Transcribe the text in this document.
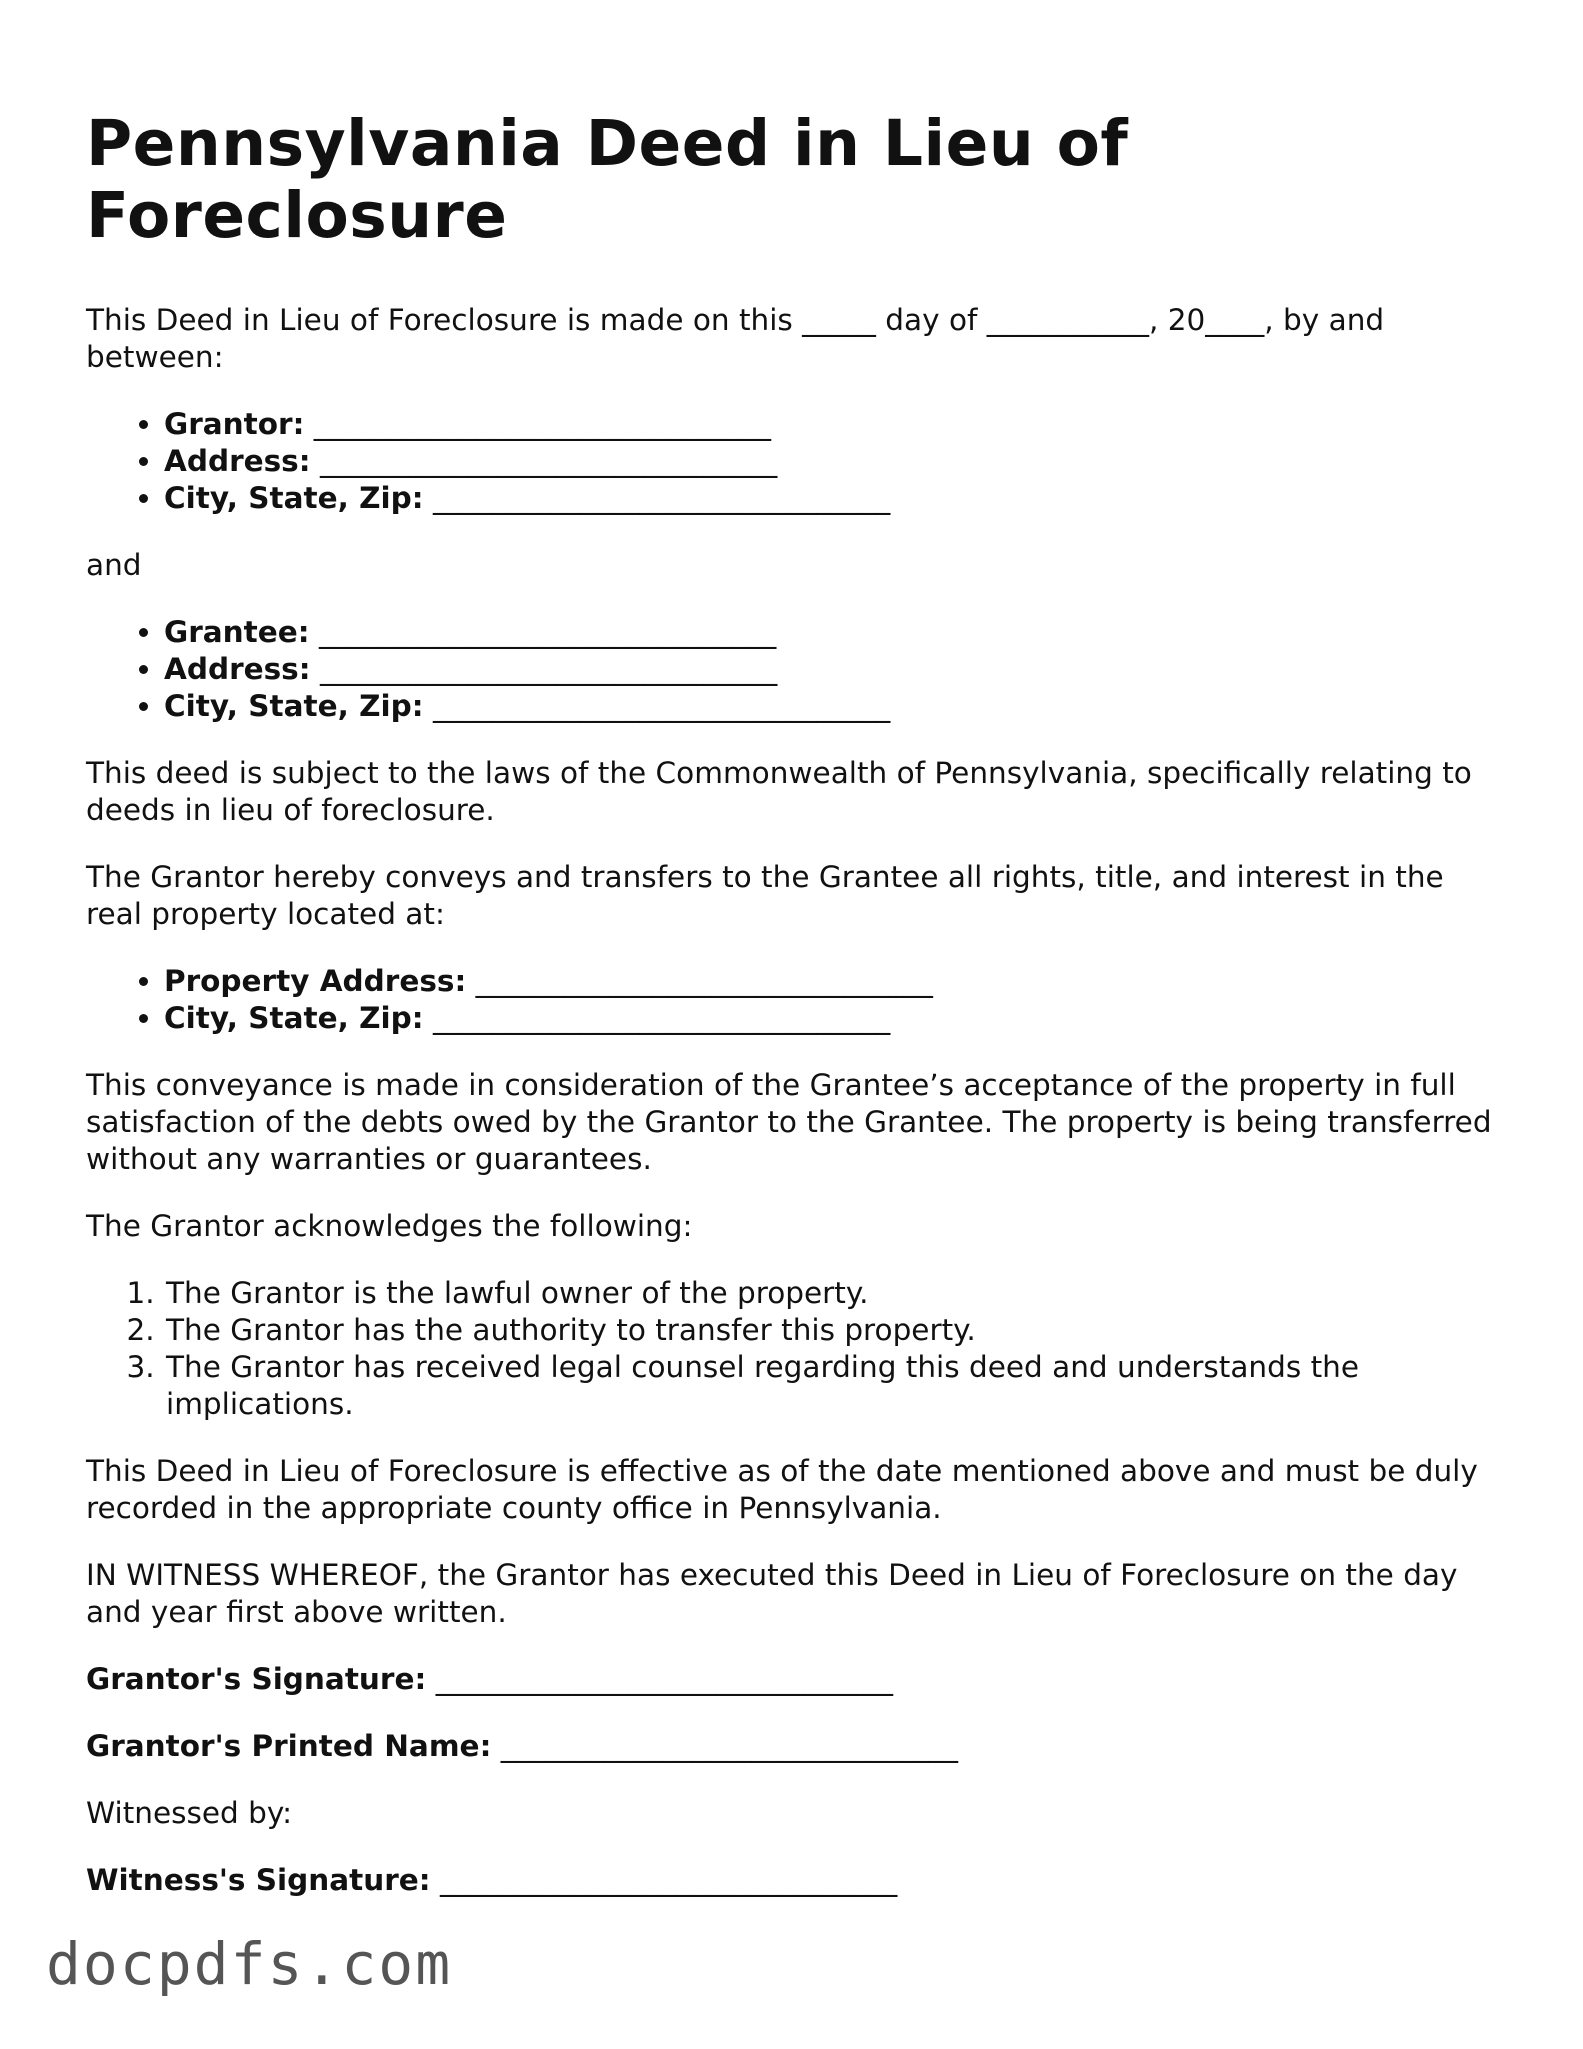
Pennsylvania Deed in Lieu of Foreclosure

This Deed in Lieu of Foreclosure is made on this _____ day of ___________, 20____, by and between:

• Grantor: _______________________________
• Address: _______________________________
• City, State, Zip: _______________________________

and

• Grantee: _______________________________
• Address: _______________________________
• City, State, Zip: _______________________________

This deed is subject to the laws of the Commonwealth of Pennsylvania, specifically relating to deeds in lieu of foreclosure.

The Grantor hereby conveys and transfers to the Grantee all rights, title, and interest in the real property located at:

• Property Address: _______________________________
• City, State, Zip: _______________________________

This conveyance is made in consideration of the Grantee’s acceptance of the property in full satisfaction of the debts owed by the Grantor to the Grantee. The property is being transferred without any warranties or guarantees.

The Grantor acknowledges the following:

1. The Grantor is the lawful owner of the property.
2. The Grantor has the authority to transfer this property.
3. The Grantor has received legal counsel regarding this deed and understands the implications.

This Deed in Lieu of Foreclosure is effective as of the date mentioned above and must be duly recorded in the appropriate county office in Pennsylvania.

IN WITNESS WHEREOF, the Grantor has executed this Deed in Lieu of Foreclosure on the day and year first above written.

Grantor's Signature: _______________________________

Grantor's Printed Name: _______________________________

Witnessed by:

Witness's Signature: _______________________________

docpdfs.com
